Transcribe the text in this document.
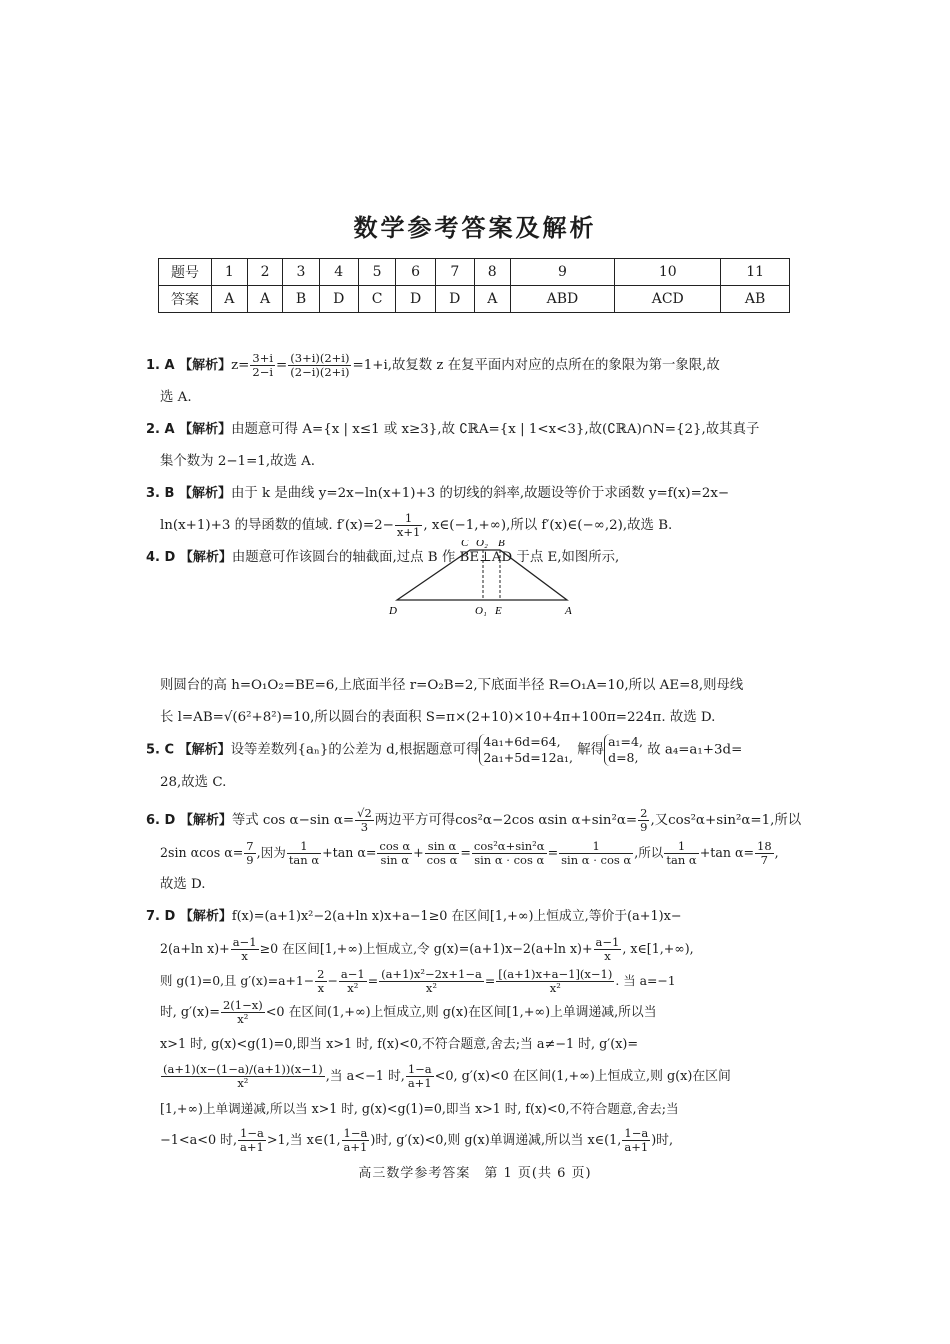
数学参考答案及解析
题号	1	2	3	4	5	6	7	8	9	10	11
答案	A	A	B	D	C	D	D	A	ABD	ACD	AB

1. A 【解析】$z= \frac{3+i}{2-i} = \frac{(3+i)(2+i)}{(2-i)(2+i)} =1+i$,故复数 z 在复平面内对应的点所在的象限为第一象限,故

选 A.

2. A 【解析】由题意可得 A={x | x≤1 或 x≥3},故 ∁ℝA={x | 1<x<3},故(∁ℝA)∩N={2},故其真子

集个数为 2−1=1,故选 A.

3. B 【解析】由于 k 是曲线 y=2x−ln(x+1)+3 的切线的斜率,故题设等价于求函数 y=f(x)=2x−

ln(x+1)+3 的导函数的值域. $f'(x)=2- \frac{1}{x+1}$ , x∈(−1,+∞),所以 f′(x)∈(−∞,2),故选 B.

4. D 【解析】由题意可作该圆台的轴截面,过点 B 作 BE⊥AD 于点 E,如图所示,

则圆台的高 h=O₁O₂=BE=6,上底面半径 r=O₂B=2,下底面半径 R=O₁A=10,所以 AE=8,则母线

长 l=AB=√(6²+8²)=10,所以圆台的表面积 S=π×(2+10)×10+4π+100π=224π. 故选 D.

5. C 【解析】设等差数列{aₙ}的公差为 d,根据题意可得
4a₁+6d=64,
2a₁+5d=12a₁, 解得
a₁=4,
d=8, 故 a₄=a₁+3d=

28,故选 C.

6. D 【解析】等式 cos α−sin $\alpha= \frac{√2}{3}$ 两边平方可得cos²α−2cos αsin $\alpha+\sin^2\alpha= \frac{2}{9}$ ,又cos²α+sin²α=1,所以

2sin αcos $\alpha= \frac{7}{9}$ ,因为 $\frac{1}{\text{tan α}} +\tan$ $\alpha= \frac{\text{cos α}}{\text{sin α}} + \frac{\text{sin α}}{\text{cos α}} = \frac{\text{cos²α+sin²α}}{\text{sin α · cos α}} = \frac{1}{\text{sin α · cos α}}$ ,所以 $\frac{1}{\text{tan α}} +\tan$ $\alpha= \frac{18}{7}$ ,

故选 D.

7. D 【解析】f(x)=(a+1)x²−2(a+ln x)x+a−1≥0 在区间[1,+∞)上恒成立,等价于(a+1)x−

2(a+ln $x)+ \frac{a-1}{x} \ge 0$ 在区间[1,+∞)上恒成立,令 g(x)=(a+1)x−2(a+ln $x)+ \frac{a-1}{x}$ , x∈[1,+∞),

则 g(1)=0,且 $g'(x)=a+1- \frac{2}{x} - \frac{a-1}{\text{x²}} = \frac{\text{(a+1)x²−2x+1−a}}{\text{x²}} = \frac{[(a+1)x+a-1](x-1)}{\text{x²}}$ . 当 a=−1

时, $g'(x)= \frac{2(1-x)}{\text{x²}} <0$ 在区间(1,+∞)上恒成立,则 g(x)在区间[1,+∞)上单调递减,所以当

x>1 时, g(x)<g(1)=0,即当 x>1 时, f(x)<0,不符合题意,舍去;当 a≠−1 时, g′(x)=

$\frac{(a+1)(x-(1-a)/(a+1))(x-1)}{\text{x²}}$ ,当 a<−1 时, $\frac{1-a}{a+1} <0$, g′(x)<0 在区间(1,+∞)上恒成立,则 g(x)在区间

[1,+∞)上单调递减,所以当 x>1 时, g(x)<g(1)=0,即当 x>1 时, f(x)<0,不符合题意,舍去;当

−1<a<0 时, $\frac{1-a}{a+1} >1$,当 x∈(1, $\frac{1-a}{a+1}$ )时, g′(x)<0,则 g(x)单调递减,所以当 x∈(1, $\frac{1-a}{a+1}$ )时,

C O₂ B
D	O₁ E	A
高三数学参考答案　第 1 页(共 6 页)
